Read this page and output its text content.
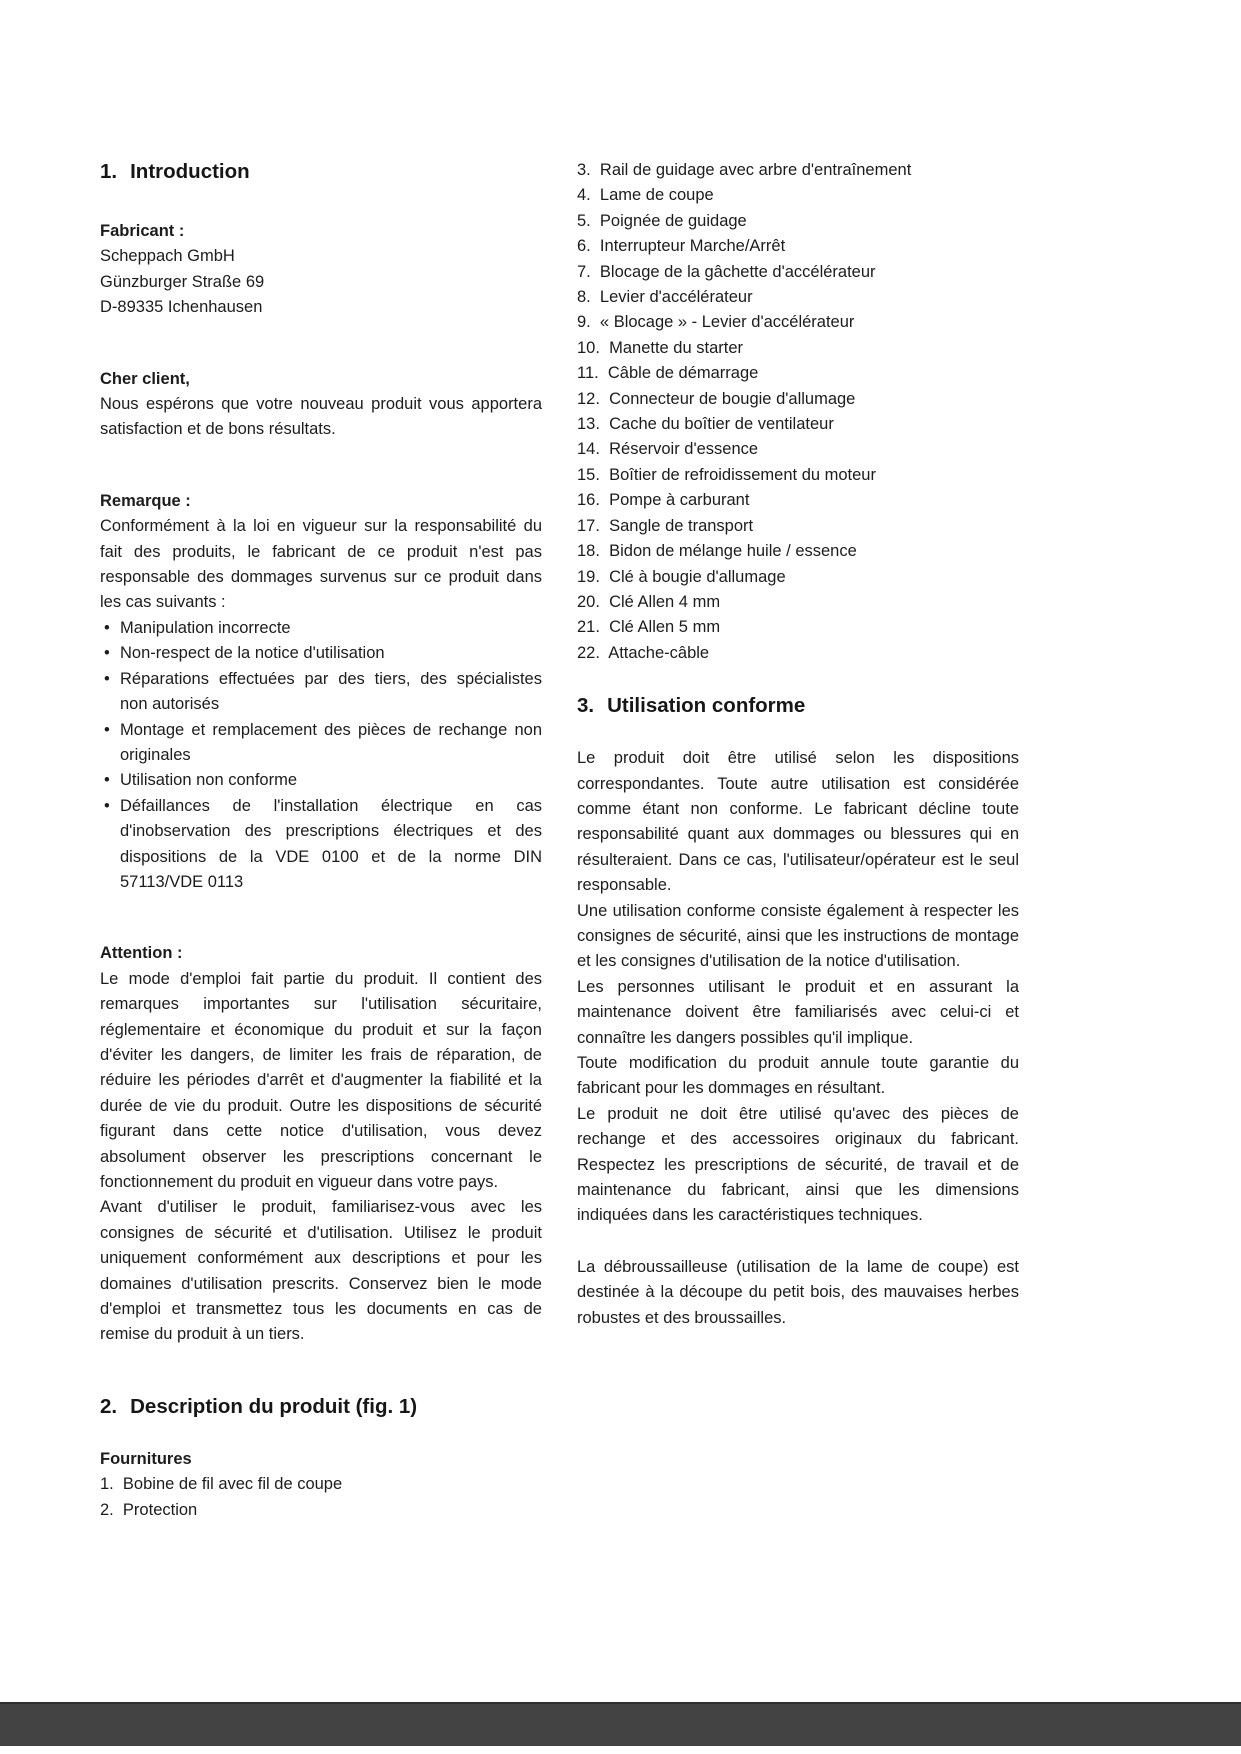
1. Introduction

Fabricant :

Scheppach GmbH

Günzburger Straße 69

D-89335 Ichenhausen

Cher client,

Nous espérons que votre nouveau produit vous apportera satisfaction et de bons résultats.

Remarque :

Conformément à la loi en vigueur sur la responsabilité du fait des produits, le fabricant de ce produit n'est pas responsable des dommages survenus sur ce produit dans les cas suivants :

• Manipulation incorrecte
• Non-respect de la notice d'utilisation
• Réparations effectuées par des tiers, des spécialistes non autorisés
• Montage et remplacement des pièces de rechange non originales
• Utilisation non conforme
• Défaillances de l'installation électrique en cas d'inobservation des prescriptions électriques et des dispositions de la VDE 0100 et de la norme DIN 57113/VDE 0113

Attention :

Le mode d'emploi fait partie du produit. Il contient des remarques importantes sur l'utilisation sécuritaire, réglementaire et économique du produit et sur la façon d'éviter les dangers, de limiter les frais de réparation, de réduire les périodes d'arrêt et d'augmenter la fiabilité et la durée de vie du produit. Outre les dispositions de sécurité figurant dans cette notice d'utilisation, vous devez absolument observer les prescriptions concernant le fonctionnement du produit en vigueur dans votre pays.

Avant d'utiliser le produit, familiarisez-vous avec les consignes de sécurité et d'utilisation. Utilisez le produit uniquement conformément aux descriptions et pour les domaines d'utilisation prescrits. Conservez bien le mode d'emploi et transmettez tous les documents en cas de remise du produit à un tiers.

2. Description du produit (fig. 1)

Fournitures

1.  Bobine de fil avec fil de coupe
2.  Protection
3.  Rail de guidage avec arbre d'entraînement
4.  Lame de coupe
5.  Poignée de guidage
6.  Interrupteur Marche/Arrêt
7.  Blocage de la gâchette d'accélérateur
8.  Levier d'accélérateur
9.  « Blocage » - Levier d'accélérateur
10.  Manette du starter
11.  Câble de démarrage
12.  Connecteur de bougie d'allumage
13.  Cache du boîtier de ventilateur
14.  Réservoir d'essence
15.  Boîtier de refroidissement du moteur
16.  Pompe à carburant
17.  Sangle de transport
18.  Bidon de mélange huile / essence
19.  Clé à bougie d'allumage
20.  Clé Allen 4 mm
21.  Clé Allen 5 mm
22.  Attache-câble
3. Utilisation conforme

Le produit doit être utilisé selon les dispositions correspondantes. Toute autre utilisation est considérée comme étant non conforme. Le fabricant décline toute responsabilité quant aux dommages ou blessures qui en résulteraient. Dans ce cas, l'utilisateur/opérateur est le seul responsable.

Une utilisation conforme consiste également à respecter les consignes de sécurité, ainsi que les instructions de montage et les consignes d'utilisation de la notice d'utilisation.

Les personnes utilisant le produit et en assurant la maintenance doivent être familiarisés avec celui-ci et connaître les dangers possibles qu'il implique.

Toute modification du produit annule toute garantie du fabricant pour les dommages en résultant.

Le produit ne doit être utilisé qu'avec des pièces de rechange et des accessoires originaux du fabricant. Respectez les prescriptions de sécurité, de travail et de maintenance du fabricant, ainsi que les dimensions indiquées dans les caractéristiques techniques.

La débroussailleuse (utilisation de la lame de coupe) est destinée à la découpe du petit bois, des mauvaises herbes robustes et des broussailles.
